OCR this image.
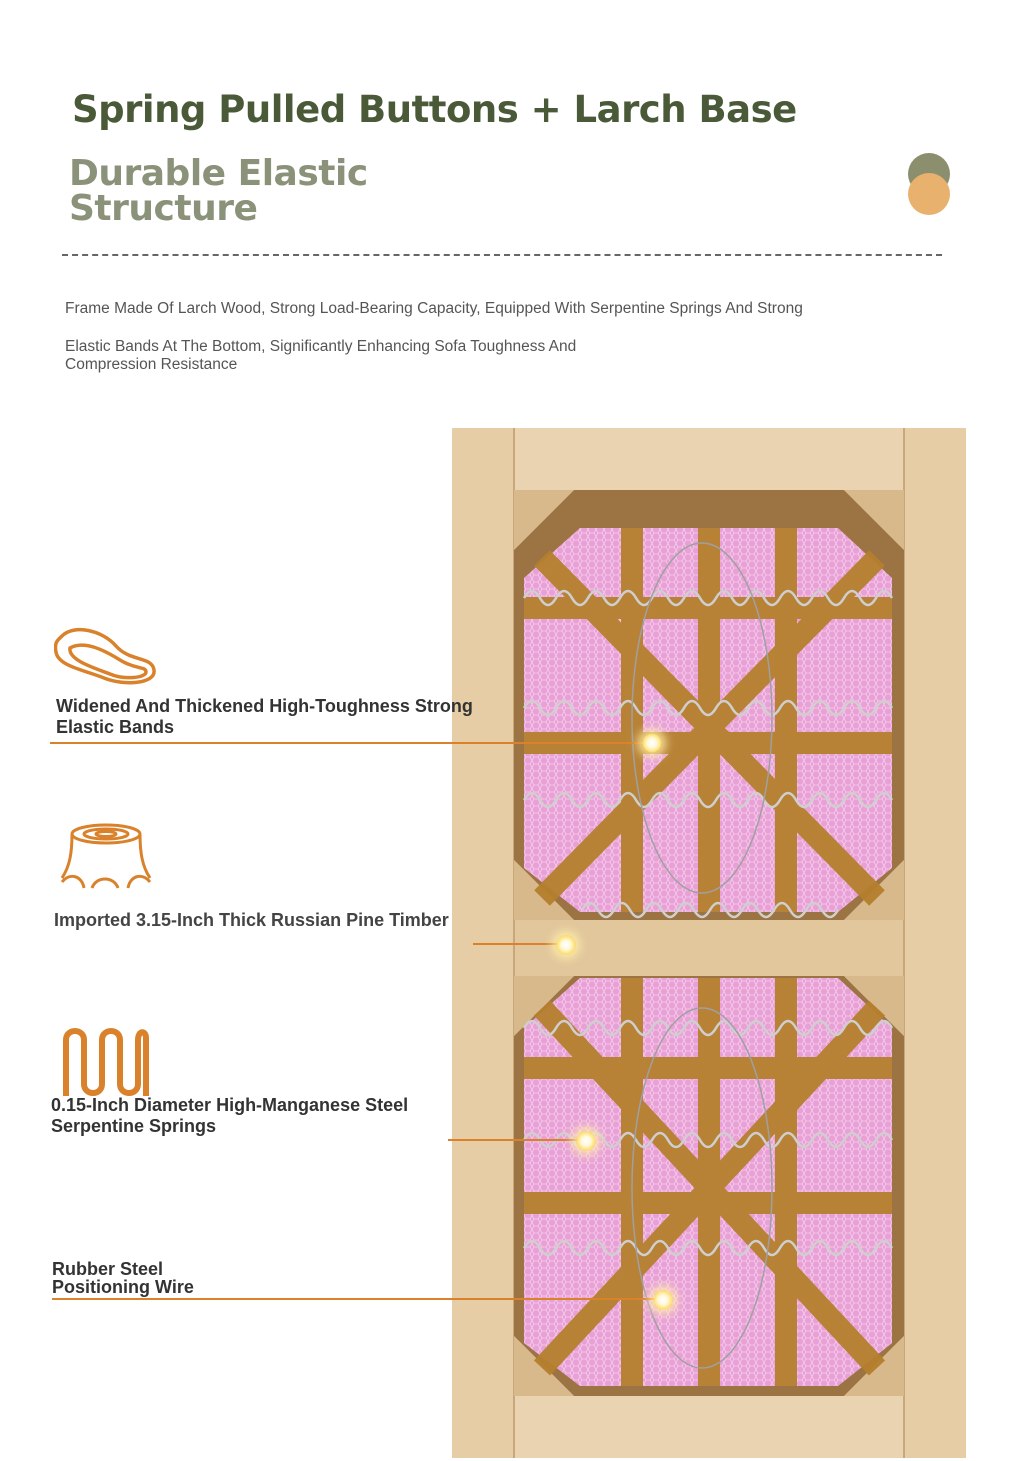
Spring Pulled Buttons + Larch Base
Durable Elastic Structure

Frame Made Of Larch Wood, Strong Load-Bearing Capacity, Equipped With Serpentine Springs And Strong

Elastic Bands At The Bottom, Significantly Enhancing Sofa Toughness And Compression Resistance

Widened And Thickened High-Toughness Strong Elastic Bands

Imported 3.15-Inch Thick Russian Pine Timber

0.15-Inch Diameter High-Manganese Steel Serpentine Springs

Rubber Steel Positioning Wire
